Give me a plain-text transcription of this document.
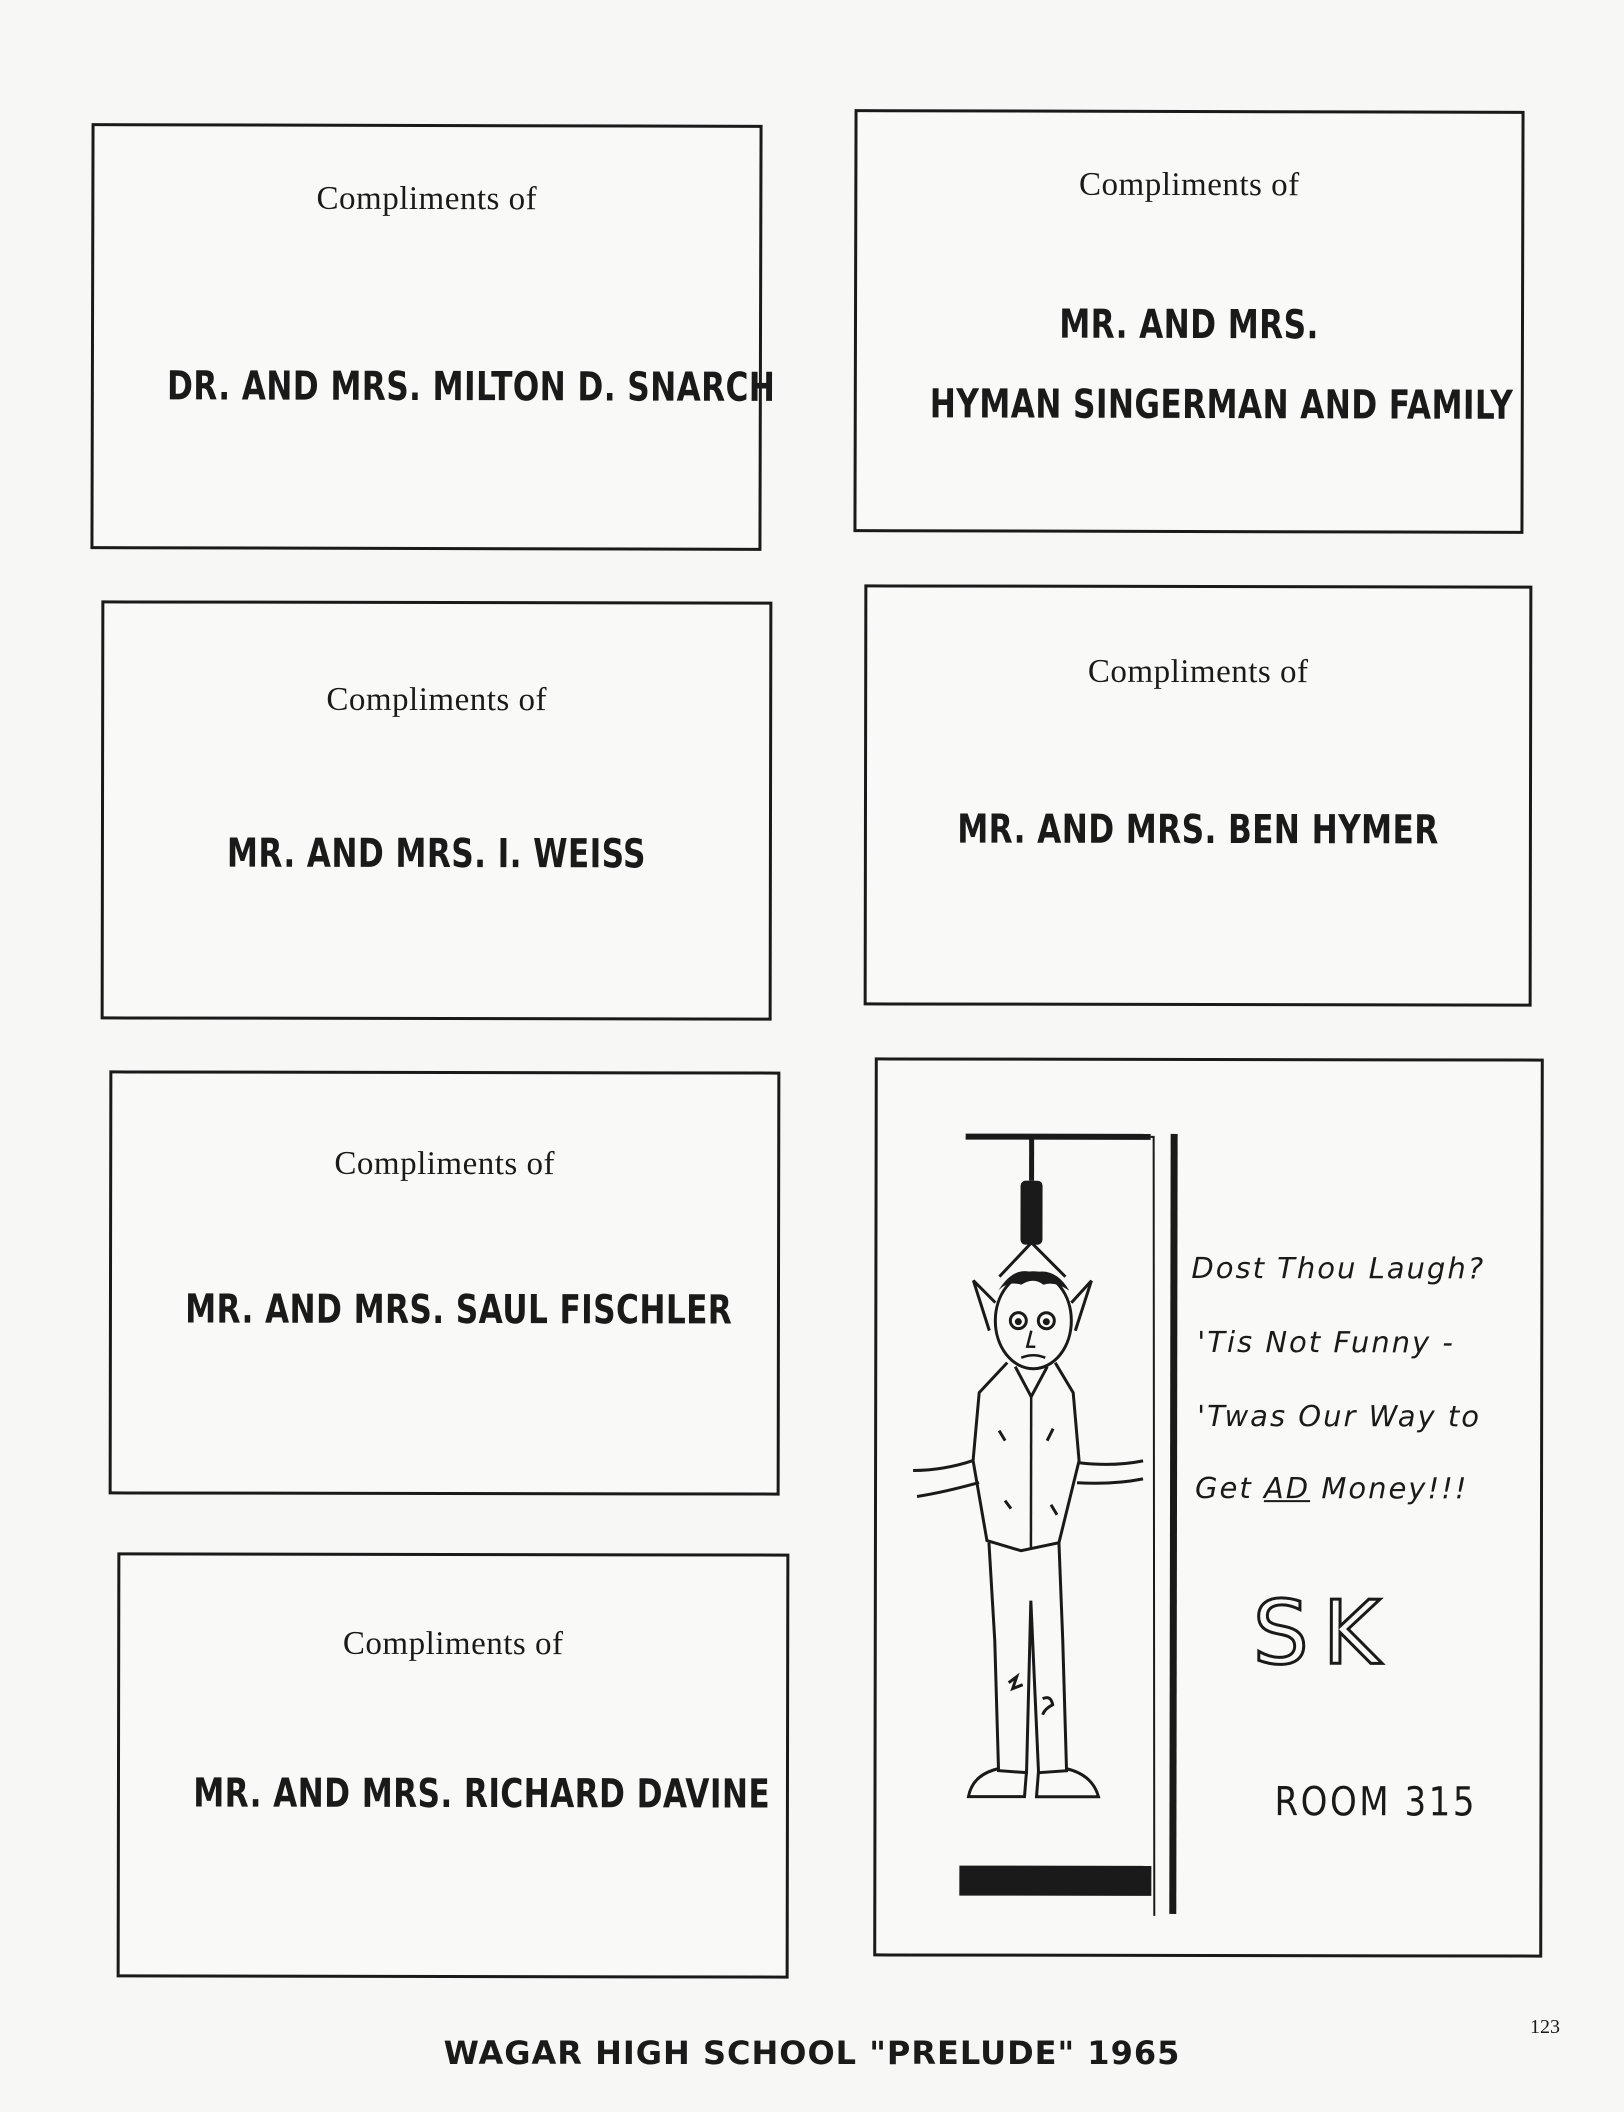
Compliments of
DR. AND MRS. MILTON D. SNARCH
Compliments of
MR. AND MRS.
HYMAN SINGERMAN AND FAMILY
Compliments of
MR. AND MRS. I. WEISS
Compliments of
MR. AND MRS. BEN HYMER
Compliments of
MR. AND MRS. SAUL FISCHLER
Compliments of
MR. AND MRS. RICHARD DAVINE
Dost Thou Laugh?
'Tis Not Funny -
'Twas Our Way to
Get AD Money!!!
SK
ROOM 315
WAGAR HIGH SCHOOL "PRELUDE" 1965
123
